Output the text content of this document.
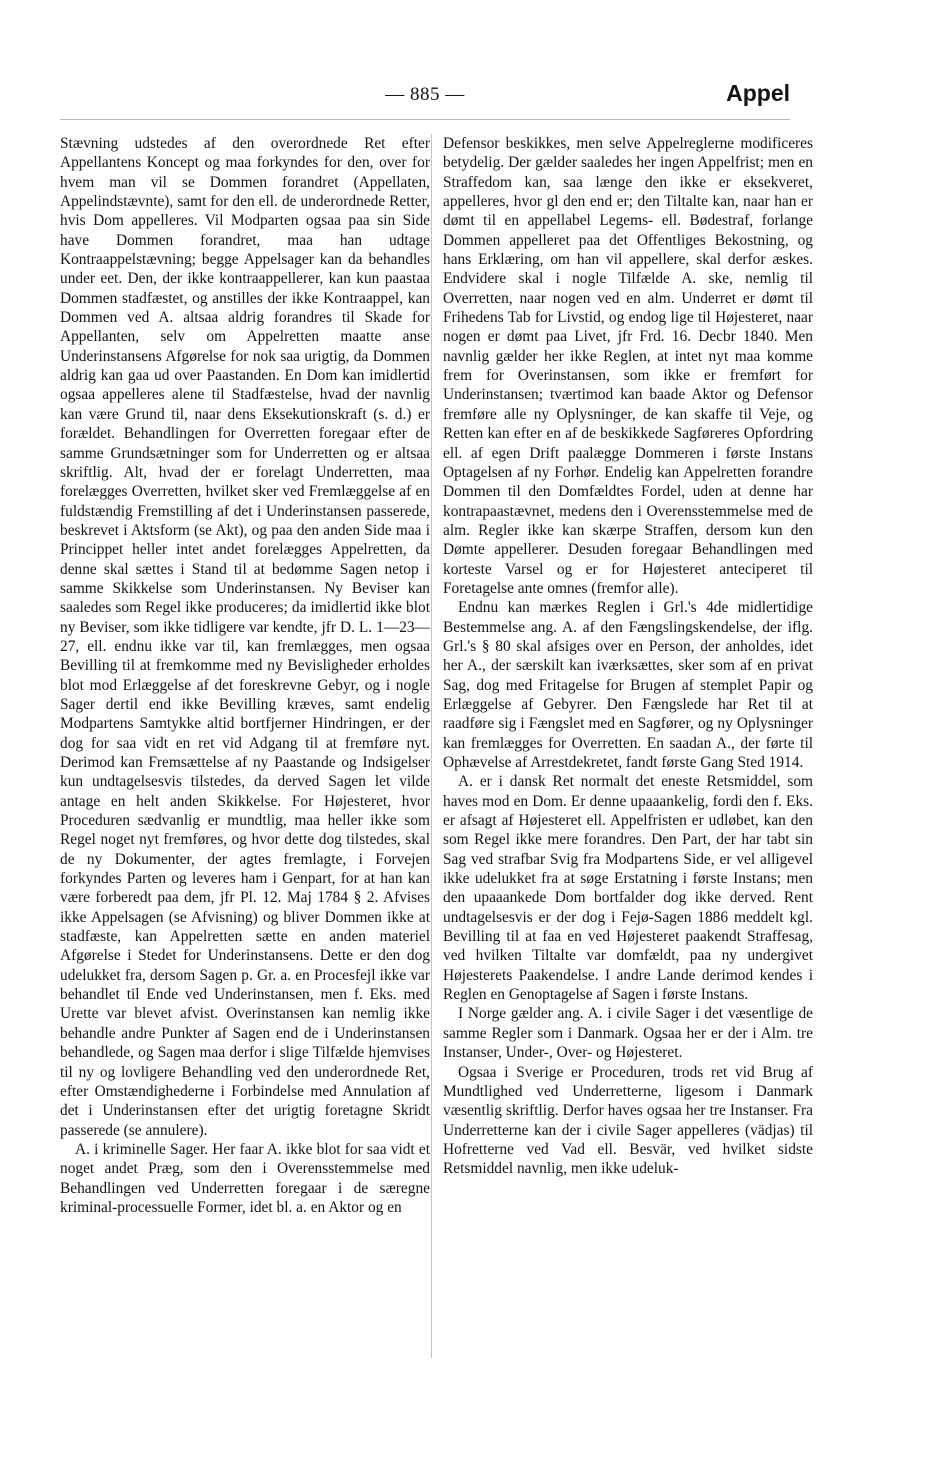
— 885 —	Appel

Stævning udstedes af den overordnede Ret efter Appellantens Koncept og maa forkyndes for den, over for hvem man vil se Dommen forandret (Appellaten, Appelindstævnte), samt for den ell. de underordnede Retter, hvis Dom appelleres. Vil Modparten ogsaa paa sin Side have Dommen forandret, maa han udtage Kontraappelstævning; begge Appelsager kan da behandles under eet. Den, der ikke kontraappellerer, kan kun paastaa Dommen stadfæstet, og anstilles der ikke Kontraappel, kan Dommen ved A. altsaa aldrig forandres til Skade for Appellanten, selv om Appelretten maatte anse Underinstansens Afgørelse for nok saa urigtig, da Dommen aldrig kan gaa ud over Paastanden. En Dom kan imidlertid ogsaa appelleres alene til Stadfæstelse, hvad der navnlig kan være Grund til, naar dens Eksekutionskraft (s. d.) er forældet. Behandlingen for Overretten foregaar efter de samme Grundsætninger som for Underretten og er altsaa skriftlig. Alt, hvad der er forelagt Underretten, maa forelægges Overretten, hvilket sker ved Fremlæggelse af en fuldstændig Fremstilling af det i Underinstansen passerede, beskrevet i Aktsform (se Akt), og paa den anden Side maa i Princippet heller intet andet forelægges Appelretten, da denne skal sættes i Stand til at bedømme Sagen netop i samme Skikkelse som Underinstansen. Ny Beviser kan saaledes som Regel ikke produceres; da imidlertid ikke blot ny Beviser, som ikke tidligere var kendte, jfr D. L. 1—23—27, ell. endnu ikke var til, kan fremlægges, men ogsaa Bevilling til at fremkomme med ny Bevisligheder erholdes blot mod Erlæggelse af det foreskrevne Gebyr, og i nogle Sager dertil end ikke Bevilling kræves, samt endelig Modpartens Samtykke altid bortfjerner Hindringen, er der dog for saa vidt en ret vid Adgang til at fremføre nyt. Derimod kan Fremsættelse af ny Paastande og Indsigelser kun undtagelsesvis tilstedes, da derved Sagen let vilde antage en helt anden Skikkelse. For Højesteret, hvor Proceduren sædvanlig er mundtlig, maa heller ikke som Regel noget nyt fremføres, og hvor dette dog tilstedes, skal de ny Dokumenter, der agtes fremlagte, i Forvejen forkyndes Parten og leveres ham i Genpart, for at han kan være forberedt paa dem, jfr Pl. 12. Maj 1784 § 2. Afvises ikke Appelsagen (se Afvisning) og bliver Dommen ikke at stadfæste, kan Appelretten sætte en anden materiel Afgørelse i Stedet for Underinstansens. Dette er den dog udelukket fra, dersom Sagen p. Gr. a. en Procesfejl ikke var behandlet til Ende ved Underinstansen, men f. Eks. med Urette var blevet afvist. Overinstansen kan nemlig ikke behandle andre Punkter af Sagen end de i Underinstansen behandlede, og Sagen maa derfor i slige Tilfælde hjemvises til ny og lovligere Behandling ved den underordnede Ret, efter Omstændighederne i Forbindelse med Annulation af det i Underinstansen efter det urigtig foretagne Skridt passerede (se annulere).

A. i kriminelle Sager. Her faar A. ikke blot for saa vidt et noget andet Præg, som den i Overensstemmelse med Behandlingen ved Underretten foregaar i de særegne kriminal-processuelle Former, idet bl. a. en Aktor og en

Defensor beskikkes, men selve Appelreglerne modificeres betydelig. Der gælder saaledes her ingen Appelfrist; men en Straffedom kan, saa længe den ikke er eksekveret, appelleres, hvor gl den end er; den Tiltalte kan, naar han er dømt til en appellabel Legems- ell. Bødestraf, forlange Dommen appelleret paa det Offentliges Bekostning, og hans Erklæring, om han vil appellere, skal derfor æskes. Endvidere skal i nogle Tilfælde A. ske, nemlig til Overretten, naar nogen ved en alm. Underret er dømt til Frihedens Tab for Livstid, og endog lige til Højesteret, naar nogen er dømt paa Livet, jfr Frd. 16. Decbr 1840. Men navnlig gælder her ikke Reglen, at intet nyt maa komme frem for Overinstansen, som ikke er fremført for Underinstansen; tværtimod kan baade Aktor og Defensor fremføre alle ny Oplysninger, de kan skaffe til Veje, og Retten kan efter en af de beskikkede Sagføreres Opfordring ell. af egen Drift paalægge Dommeren i første Instans Optagelsen af ny Forhør. Endelig kan Appelretten forandre Dommen til den Domfældtes Fordel, uden at denne har kontrapaastævnet, medens den i Overensstemmelse med de alm. Regler ikke kan skærpe Straffen, dersom kun den Dømte appellerer. Desuden foregaar Behandlingen med korteste Varsel og er for Højesteret anteciperet til Foretagelse ante omnes (fremfor alle).

Endnu kan mærkes Reglen i Grl.'s 4de midlertidige Bestemmelse ang. A. af den Fængslingskendelse, der iflg. Grl.'s § 80 skal afsiges over en Person, der anholdes, idet her A., der særskilt kan iværksættes, sker som af en privat Sag, dog med Fritagelse for Brugen af stemplet Papir og Erlæggelse af Gebyrer. Den Fængslede har Ret til at raadføre sig i Fængslet med en Sagfører, og ny Oplysninger kan fremlægges for Overretten. En saadan A., der førte til Ophævelse af Arrestdekretet, fandt første Gang Sted 1914.

A. er i dansk Ret normalt det eneste Retsmiddel, som haves mod en Dom. Er denne upaaankelig, fordi den f. Eks. er afsagt af Højesteret ell. Appelfristen er udløbet, kan den som Regel ikke mere forandres. Den Part, der har tabt sin Sag ved strafbar Svig fra Modpartens Side, er vel alligevel ikke udelukket fra at søge Erstatning i første Instans; men den upaaankede Dom bortfalder dog ikke derved. Rent undtagelsesvis er der dog i Fejø-Sagen 1886 meddelt kgl. Bevilling til at faa en ved Højesteret paakendt Straffesag, ved hvilken Tiltalte var domfældt, paa ny undergivet Højesterets Paakendelse. I andre Lande derimod kendes i Reglen en Genoptagelse af Sagen i første Instans.

I Norge gælder ang. A. i civile Sager i det væsentlige de samme Regler som i Danmark. Ogsaa her er der i Alm. tre Instanser, Under-, Over- og Højesteret.

Ogsaa i Sverige er Proceduren, trods ret vid Brug af Mundtlighed ved Underretterne, ligesom i Danmark væsentlig skriftlig. Derfor haves ogsaa her tre Instanser. Fra Underretterne kan der i civile Sager appelleres (vädjas) til Hofretterne ved Vad ell. Besvär, ved hvilket sidste Retsmiddel navnlig, men ikke udeluk-
